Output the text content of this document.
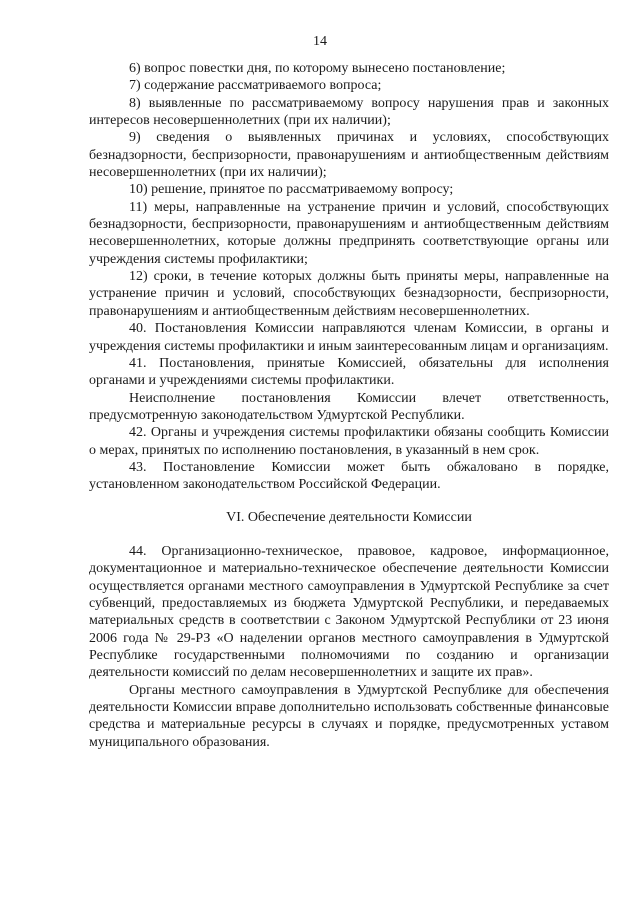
14

6) вопрос повестки дня, по которому вынесено постановление;

7) содержание рассматриваемого вопроса;

8) выявленные по рассматриваемому вопросу нарушения прав и законных интересов несовершеннолетних (при их наличии);

9) сведения о выявленных причинах и условиях, способствующих безнадзорности, беспризорности, правонарушениям и антиобщественным действиям несовершеннолетних (при их наличии);

10) решение, принятое по рассматриваемому вопросу;

11) меры, направленные на устранение причин и условий, способствующих безнадзорности, беспризорности, правонарушениям и антиобщественным действиям несовершеннолетних, которые должны предпринять соответствующие органы или учреждения системы профилактики;

12) сроки, в течение которых должны быть приняты меры, направленные на устранение причин и условий, способствующих безнадзорности, беспризорности, правонарушениям и антиобщественным действиям несовершеннолетних.

40. Постановления Комиссии направляются членам Комиссии, в органы и учреждения системы профилактики и иным заинтересованным лицам и организациям.

41. Постановления, принятые Комиссией, обязательны для исполнения органами и учреждениями системы профилактики.

Неисполнение постановления Комиссии влечет ответственность, предусмотренную законодательством Удмуртской Республики.

42. Органы и учреждения системы профилактики обязаны сообщить Комиссии о мерах, принятых по исполнению постановления, в указанный в нем срок.

43. Постановление Комиссии может быть обжаловано в порядке, установленном законодательством Российской Федерации.

VI. Обеспечение деятельности Комиссии

44. Организационно-техническое, правовое, кадровое, информационное, документационное и материально-техническое обеспечение деятельности Комиссии осуществляется органами местного самоуправления в Удмуртской Республике за счет субвенций, предоставляемых из бюджета Удмуртской Республики, и передаваемых материальных средств в соответствии с Законом Удмуртской Республики от 23 июня 2006 года № 29-РЗ «О наделении органов местного самоуправления в Удмуртской Республике государственными полномочиями по созданию и организации деятельности комиссий по делам несовершеннолетних и защите их прав».

Органы местного самоуправления в Удмуртской Республике для обеспечения деятельности Комиссии вправе дополнительно использовать собственные финансовые средства и материальные ресурсы в случаях и порядке, предусмотренных уставом муниципального образования.
